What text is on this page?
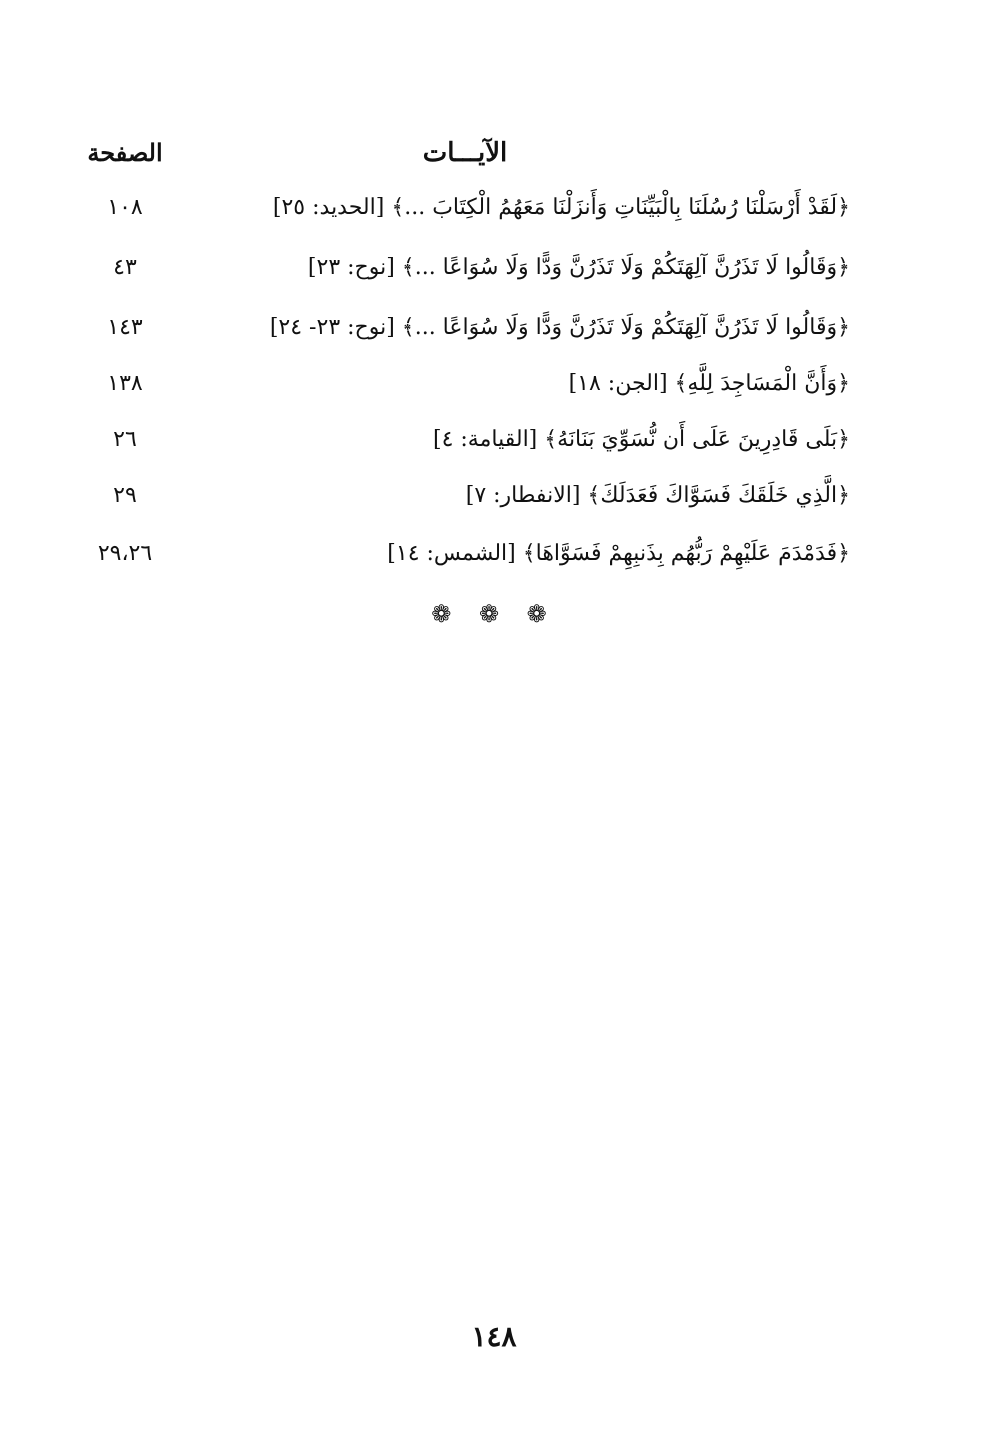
الآيـــات
الصفحة
﴿لَقَدْ أَرْسَلْنَا رُسُلَنَا بِالْبَيِّنَاتِ وَأَنزَلْنَا مَعَهُمُ الْكِتَابَ ...﴾ [الحديد: ٢٥]
١٠٨
﴿وَقَالُوا لَا تَذَرُنَّ آلِهَتَكُمْ وَلَا تَذَرُنَّ وَدًّا وَلَا سُوَاعًا ...﴾ [نوح: ٢٣]
٤٣
﴿وَقَالُوا لَا تَذَرُنَّ آلِهَتَكُمْ وَلَا تَذَرُنَّ وَدًّا وَلَا سُوَاعًا ...﴾ [نوح: ٢٣- ٢٤]
١٤٣
﴿وَأَنَّ الْمَسَاجِدَ لِلَّهِ﴾ [الجن: ١٨]
١٣٨
﴿بَلَى قَادِرِينَ عَلَى أَن نُّسَوِّيَ بَنَانَهُ﴾ [القيامة: ٤]
٢٦
﴿الَّذِي خَلَقَكَ فَسَوَّاكَ فَعَدَلَكَ﴾ [الانفطار: ٧]
٢٩
﴿فَدَمْدَمَ عَلَيْهِمْ رَبُّهُم بِذَنبِهِمْ فَسَوَّاهَا﴾ [الشمس: ١٤]
٢٩،٢٦
❁ ❁ ❁
١٤٨
